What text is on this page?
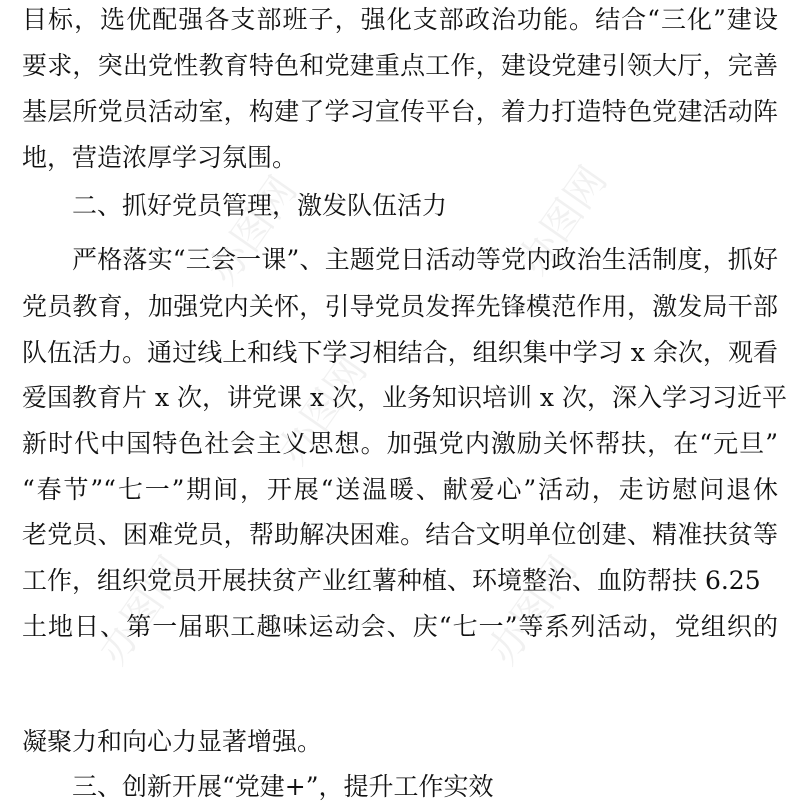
办图网	办图网
办图网
办图网	办图网
目标，选优配强各支部班子，强化支部政治功能。结合“三化”建设
要求，突出党性教育特色和党建重点工作，建设党建引领大厅，完善
基层所党员活动室，构建了学习宣传平台，着力打造特色党建活动阵
地，营造浓厚学习氛围。
二、抓好党员管理，激发队伍活力
严格落实“三会一课”、主题党日活动等党内政治生活制度，抓好
党员教育，加强党内关怀，引导党员发挥先锋模范作用，激发局干部
队伍活力。通过线上和线下学习相结合，组织集中学习 x 余次，观看
爱国教育片 x 次，讲党课 x 次，业务知识培训 x 次，深入学习习近平
新时代中国特色社会主义思想。加强党内激励关怀帮扶，在“元旦”
“春节”“七一”期间，开展“送温暖、献爱心”活动，走访慰问退休
老党员、困难党员，帮助解决困难。结合文明单位创建、精准扶贫等
工作，组织党员开展扶贫产业红薯种植、环境整治、血防帮扶 6.25
土地日、第一届职工趣味运动会、庆“七一”等系列活动，党组织的
凝聚力和向心力显著增强。
三、创新开展“党建+”，提升工作实效
